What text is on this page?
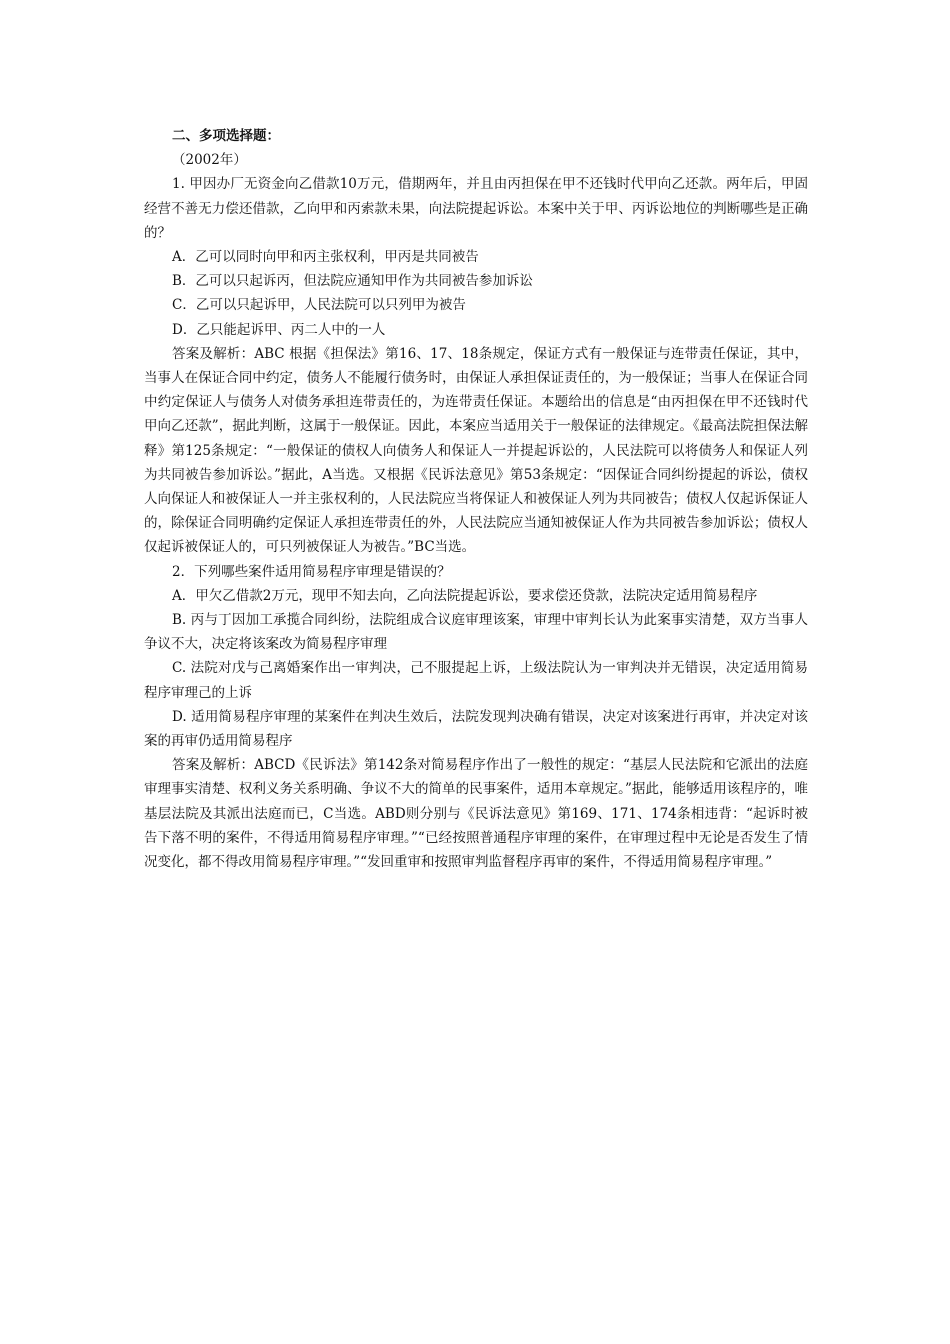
二、多项选择题：

（2002年）

1. 甲因办厂无资金向乙借款10万元，借期两年，并且由丙担保在甲不还钱时代甲向乙还款。两年后，甲固经营不善无力偿还借款，乙向甲和丙索款未果，向法院提起诉讼。本案中关于甲、丙诉讼地位的判断哪些是正确的？

A．乙可以同时向甲和丙主张权利，甲丙是共同被告

B．乙可以只起诉丙，但法院应通知甲作为共同被告参加诉讼

C．乙可以只起诉甲，人民法院可以只列甲为被告

D．乙只能起诉甲、丙二人中的一人

答案及解析：ABC 根据《担保法》第16、17、18条规定，保证方式有一般保证与连带责任保证，其中，当事人在保证合同中约定，债务人不能履行债务时，由保证人承担保证责任的，为一般保证；当事人在保证合同中约定保证人与债务人对债务承担连带责任的，为连带责任保证。本题给出的信息是“由丙担保在甲不还钱时代甲向乙还款”，据此判断，这属于一般保证。因此，本案应当适用关于一般保证的法律规定。《最高法院担保法解释》第125条规定：“一般保证的债权人向债务人和保证人一并提起诉讼的，人民法院可以将债务人和保证人列为共同被告参加诉讼。”据此，A当选。又根据《民诉法意见》第53条规定：“因保证合同纠纷提起的诉讼，债权人向保证人和被保证人一并主张权利的，人民法院应当将保证人和被保证人列为共同被告；债权人仅起诉保证人的，除保证合同明确约定保证人承担连带责任的外，人民法院应当通知被保证人作为共同被告参加诉讼；债权人仅起诉被保证人的，可只列被保证人为被告。”BC当选。

2．下列哪些案件适用简易程序审理是错误的？

A．甲欠乙借款2万元，现甲不知去向，乙向法院提起诉讼，要求偿还贷款，法院决定适用简易程序

B. 丙与丁因加工承揽合同纠纷，法院组成合议庭审理该案，审理中审判长认为此案事实清楚，双方当事人争议不大，决定将该案改为简易程序审理

C. 法院对戊与己离婚案作出一审判决，己不服提起上诉，上级法院认为一审判决并无错误，决定适用简易程序审理己的上诉

D. 适用简易程序审理的某案件在判决生效后，法院发现判决确有错误，决定对该案进行再审，并决定对该案的再审仍适用简易程序

答案及解析：ABCD《民诉法》第142条对简易程序作出了一般性的规定：“基层人民法院和它派出的法庭审理事实清楚、权利义务关系明确、争议不大的简单的民事案件，适用本章规定。”据此，能够适用该程序的，唯基层法院及其派出法庭而已，C当选。ABD则分别与《民诉法意见》第169、171、174条相违背：“起诉时被告下落不明的案件，不得适用简易程序审理。”“已经按照普通程序审理的案件，在审理过程中无论是否发生了情况变化，都不得改用简易程序审理。”“发回重审和按照审判监督程序再审的案件，不得适用简易程序审理。”
